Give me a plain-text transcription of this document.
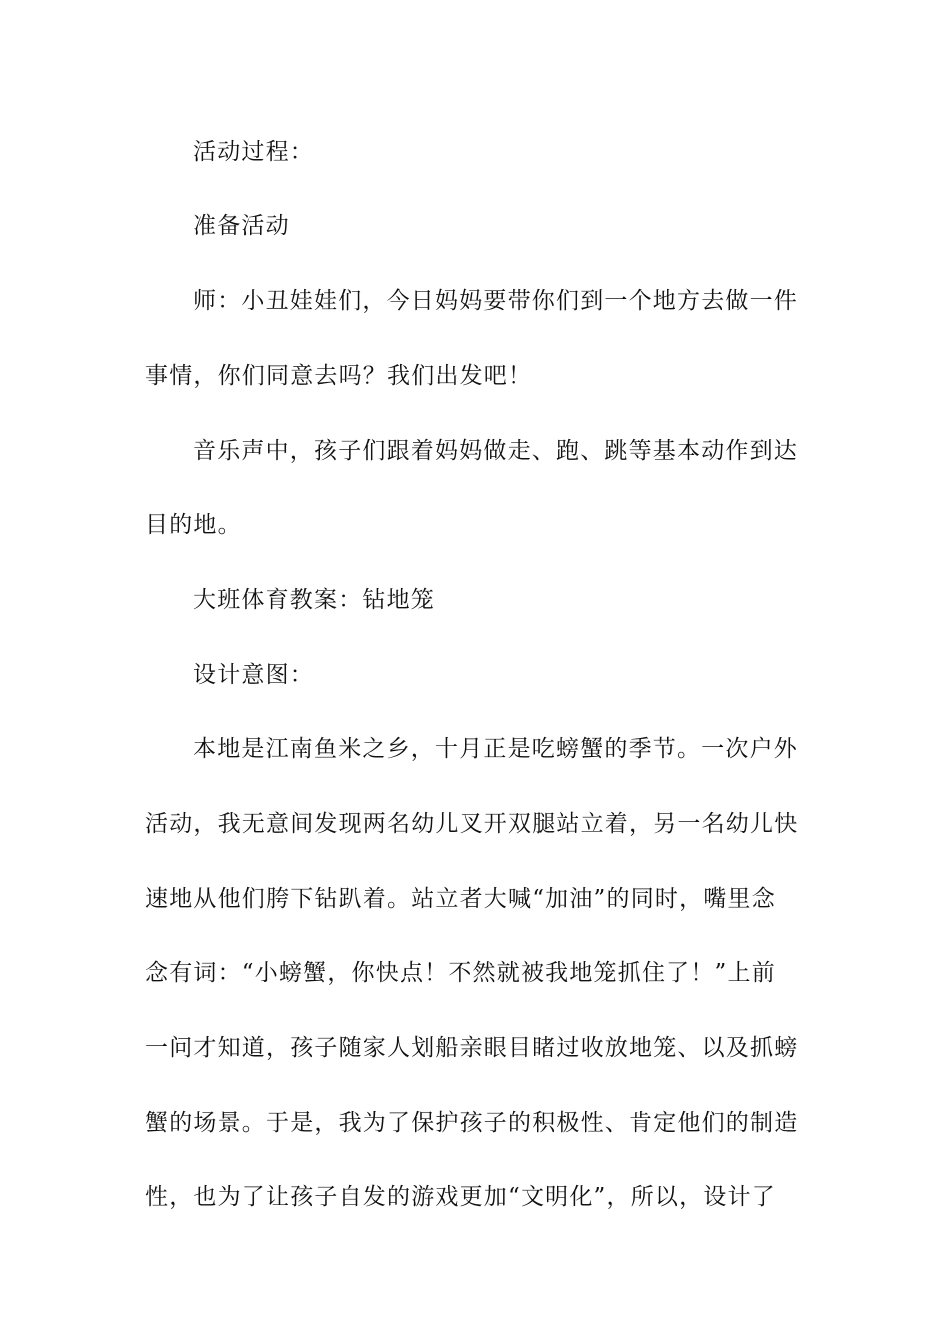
活动过程：
准备活动
师：小丑娃娃们，今日妈妈要带你们到一个地方去做一件
事情，你们同意去吗？我们出发吧！
音乐声中，孩子们跟着妈妈做走、跑、跳等基本动作到达
目的地。
大班体育教案：钻地笼
设计意图：
本地是江南鱼米之乡，十月正是吃螃蟹的季节。一次户外
活动，我无意间发现两名幼儿叉开双腿站立着，另一名幼儿快
速地从他们胯下钻趴着。站立者大喊“加油”的同时，嘴里念
念有词：“小螃蟹，你快点！不然就被我地笼抓住了！”上前
一问才知道，孩子随家人划船亲眼目睹过收放地笼、以及抓螃
蟹的场景。于是，我为了保护孩子的积极性、肯定他们的制造
性，也为了让孩子自发的游戏更加“文明化”，所以，设计了
